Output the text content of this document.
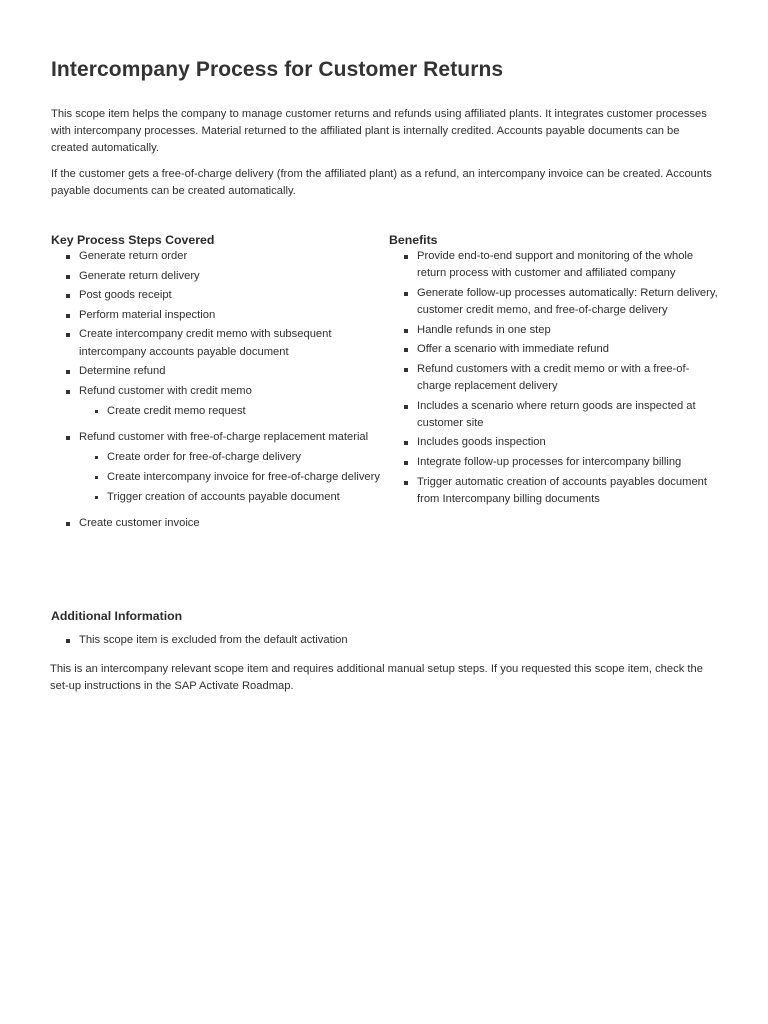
Intercompany Process for Customer Returns

This scope item helps the company to manage customer returns and refunds using affiliated plants. It integrates customer processes with intercompany processes. Material returned to the affiliated plant is internally credited. Accounts payable documents can be created automatically.

If the customer gets a free-of-charge delivery (from the affiliated plant) as a refund, an intercompany invoice can be created. Accounts payable documents can be created automatically.

Key Process Steps Covered
Generate return order
Generate return delivery
Post goods receipt
Perform material inspection
Create intercompany credit memo with subsequent intercompany accounts payable document
Determine refund
Refund customer with credit memo
Create credit memo request
Refund customer with free-of-charge replacement material
Create order for free-of-charge delivery
Create intercompany invoice for free-of-charge delivery
Trigger creation of accounts payable document
Create customer invoice
Benefits
Provide end-to-end support and monitoring of the whole return process with customer and affiliated company
Generate follow-up processes automatically: Return delivery, customer credit memo, and free-of-charge delivery
Handle refunds in one step
Offer a scenario with immediate refund
Refund customers with a credit memo or with a free-of-charge replacement delivery
Includes a scenario where return goods are inspected at customer site
Includes goods inspection
Integrate follow-up processes for intercompany billing
Trigger automatic creation of accounts payables document from Intercompany billing documents
Additional Information
This scope item is excluded from the default activation

This is an intercompany relevant scope item and requires additional manual setup steps. If you requested this scope item, check the set-up instructions in the SAP Activate Roadmap.
